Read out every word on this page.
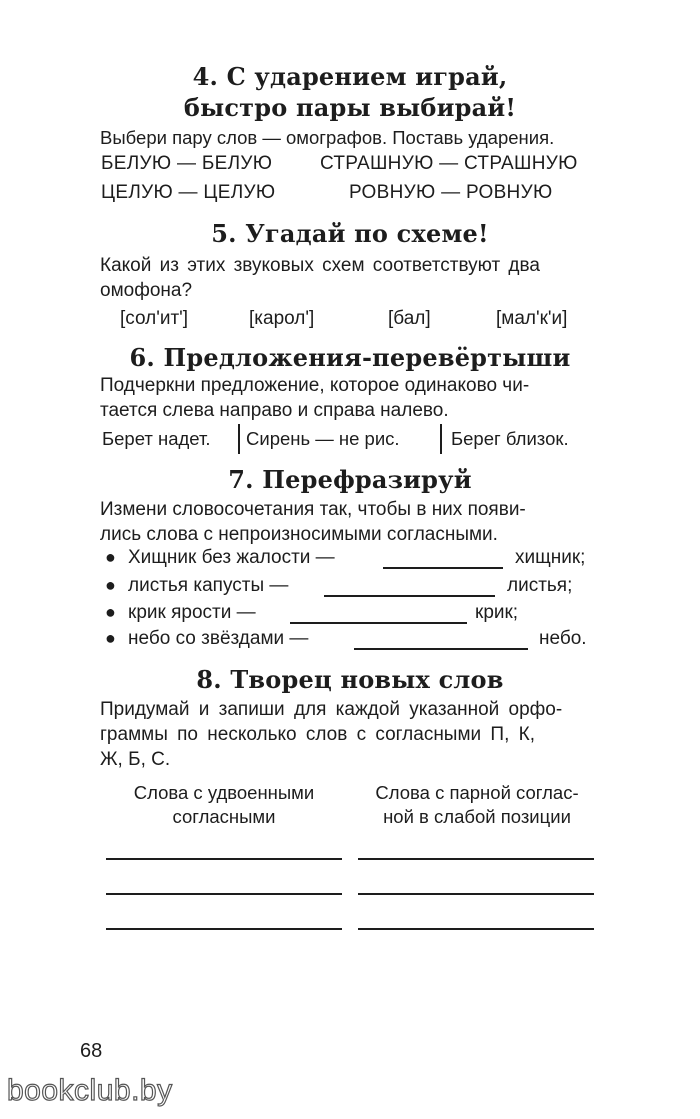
4. С ударением играй,
быстро пары выбирай!
Выбери пару слов — омографов. Поставь ударения.
БЕЛУЮ — БЕЛУЮ	СТРАШНУЮ — СТРАШНУЮ
ЦЕЛУЮ — ЦЕЛУЮ	РОВНУЮ — РОВНУЮ
5. Угадай по схеме!
Какой из этих звуковых схем соответствуют два
омофона?
[сол'ит']	[карол']	[бал]	[мал'к'и]
6. Предложения-перевёртыши
Подчеркни предложение, которое одинаково чи-
тается слева направо и справа налево.
Берет надет. Сирень — не рис.	Берег близок.
7. Перефразируй
Измени словосочетания так, чтобы в них появи-
лись слова с непроизносимыми согласными.
● Хищник без жалости —	хищник;
● листья капусты —	листья;
● крик ярости —	крик;
● небо со звёздами —	небо.
8. Творец новых слов
Придумай и запиши для каждой указанной орфо-
граммы по несколько слов с согласными П, К,
Ж, Б, С.
Слова с удвоенными
согласными
Слова с парной соглас-
ной в слабой позиции
68
bookclub.by
